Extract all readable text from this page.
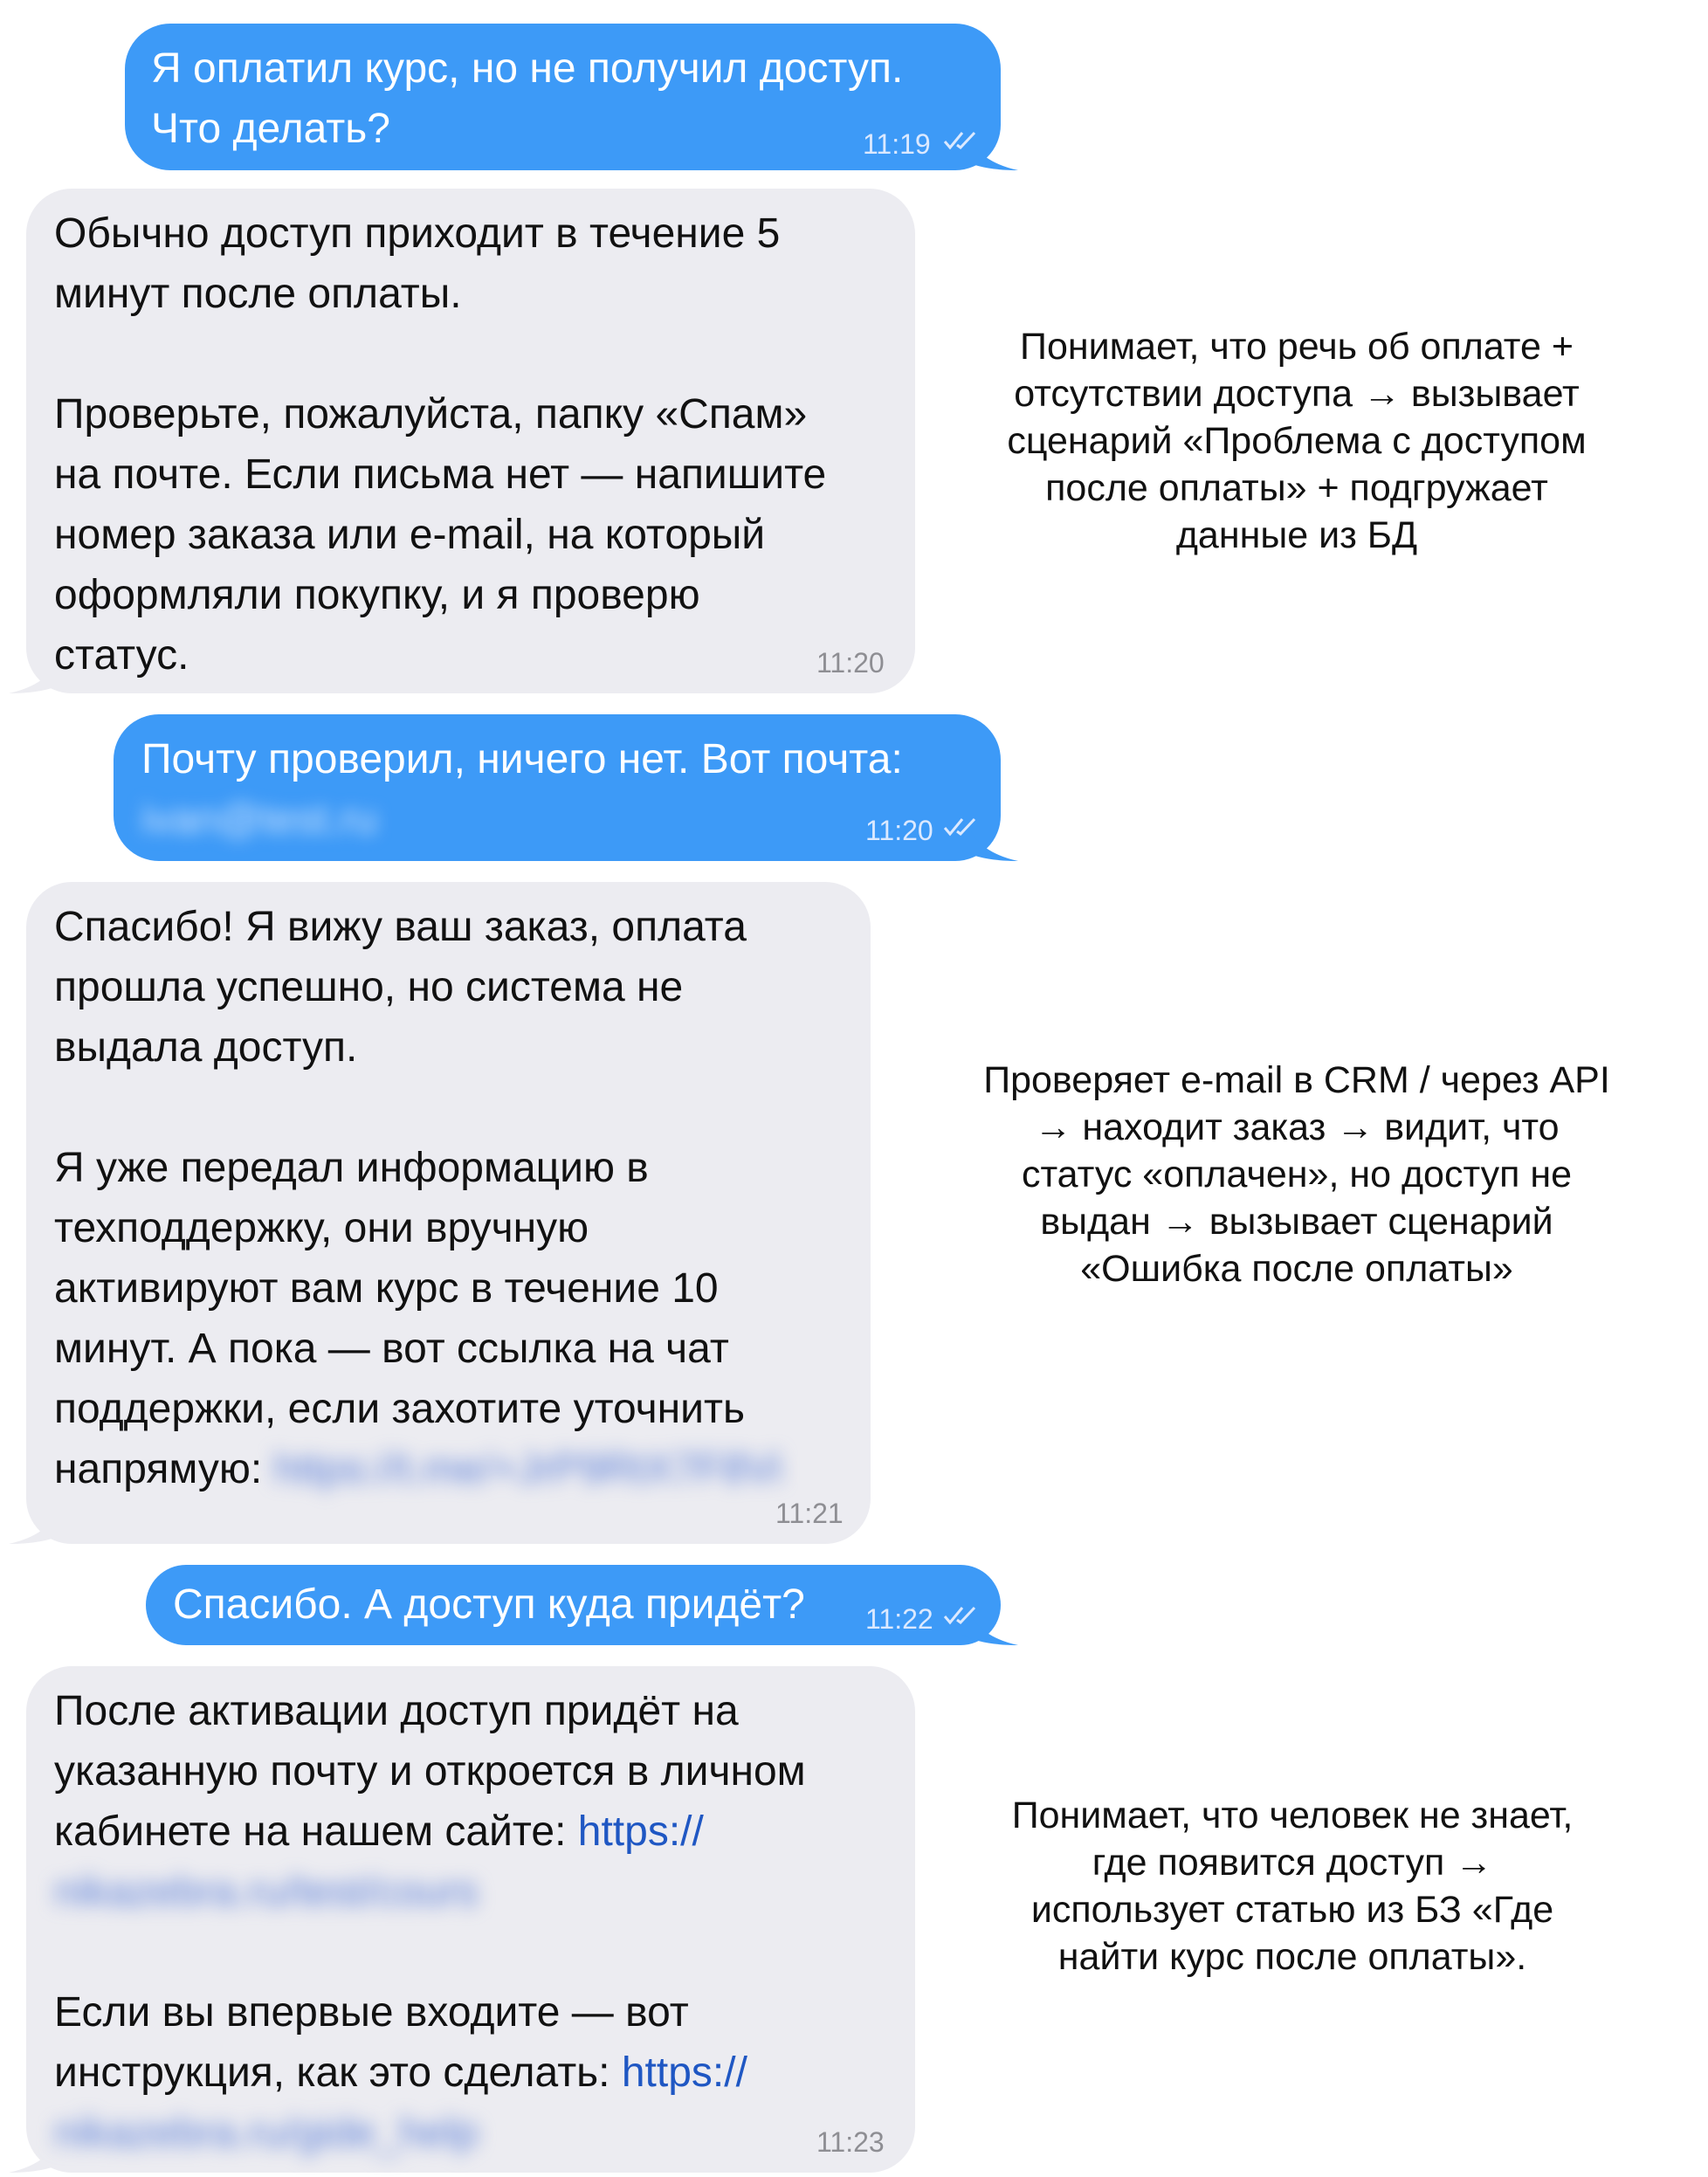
Я оплатил курс, но не получил доступ.
Что делать?	11:19
Обычно доступ приходит в течение 5
минут после оплаты.
Проверьте, пожалуйста, папку «Спам»
на почте. Если письма нет — напишите
номер заказа или e-mail, на который
оформляли покупку, и я проверю
статус.	11:20
Почту проверил, ничего нет. Вот почта:
ivan@test.ru	11:20
Спасибо! Я вижу ваш заказ, оплата
прошла успешно, но система не
выдала доступ.
Я уже передал информацию в
техподдержку, они вручную
активируют вам курс в течение 10
минут. А пока — вот ссылка на чат
поддержки, если захотите уточнить
напрямую: https://t.me/+JrP9RtX7F8Vi
11:21
Спасибо. А доступ куда придёт? 11:22
После активации доступ придёт на
указанную почту и откроется в личном
кабинете на нашем сайте: https://
nikazebra.ru/test/cours
Если вы впервые входите — вот
инструкция, как это сделать: https://
nikazebra.ru/gide_help	11:23
Понимает, что речь об оплате +
отсутствии доступа → вызывает
сценарий «Проблема с доступом
после оплаты» + подгружает
данные из БД
Проверяет e-mail в CRM / через API
→ находит заказ → видит, что
статус «оплачен», но доступ не
выдан → вызывает сценарий
«Ошибка после оплаты»
Понимает, что человек не знает,
где появится доступ →
использует статью из БЗ «Где
найти курс после оплаты».
